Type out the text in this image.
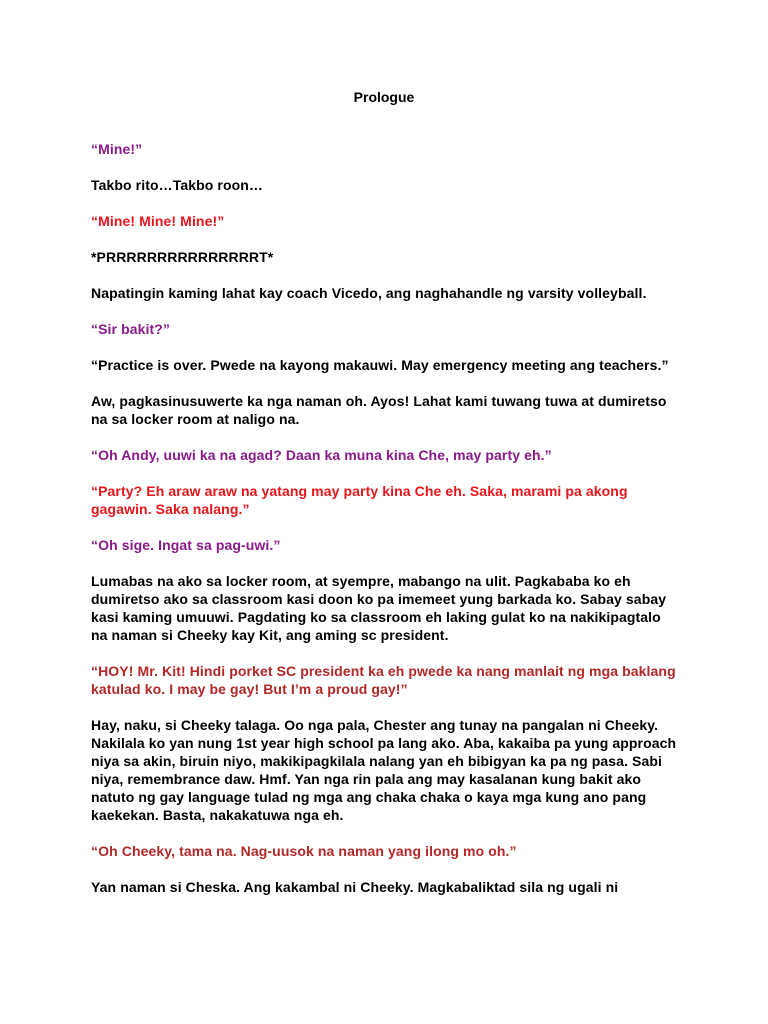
Prologue

“Mine!”

Takbo rito…Takbo roon…

“Mine! Mine! Mine!”

*PRRRRRRRRRRRRRRRT*

Napatingin kaming lahat kay coach Vicedo, ang naghahandle ng varsity volleyball.

“Sir bakit?”

“Practice is over. Pwede na kayong makauwi. May emergency meeting ang teachers.”

Aw, pagkasinusuwerte ka nga naman oh. Ayos! Lahat kami tuwang tuwa at dumiretso na sa locker room at naligo na.

“Oh Andy, uuwi ka na agad? Daan ka muna kina Che, may party eh.”

“Party? Eh araw araw na yatang may party kina Che eh. Saka, marami pa akong gagawin. Saka nalang.”

“Oh sige. Ingat sa pag-uwi.”

Lumabas na ako sa locker room, at syempre, mabango na ulit. Pagkababa ko eh dumiretso ako sa classroom kasi doon ko pa imemeet yung barkada ko. Sabay sabay kasi kaming umuuwi. Pagdating ko sa classroom eh laking gulat ko na nakikipagtalo na naman si Cheeky kay Kit, ang aming sc president.

“HOY! Mr. Kit! Hindi porket SC president ka eh pwede ka nang manlait ng mga baklang katulad ko. I may be gay! But I’m a proud gay!”

Hay, naku, si Cheeky talaga. Oo nga pala, Chester ang tunay na pangalan ni Cheeky. Nakilala ko yan nung 1st year high school pa lang ako. Aba, kakaiba pa yung approach niya sa akin, biruin niyo, makikipagkilala nalang yan eh bibigyan ka pa ng pasa. Sabi niya, remembrance daw. Hmf. Yan nga rin pala ang may kasalanan kung bakit ako natuto ng gay language tulad ng mga ang chaka chaka o kaya mga kung ano pang kaekekan. Basta, nakakatuwa nga eh.

“Oh Cheeky, tama na. Nag-uusok na naman yang ilong mo oh.”

Yan naman si Cheska. Ang kakambal ni Cheeky. Magkabaliktad sila ng ugali ni
